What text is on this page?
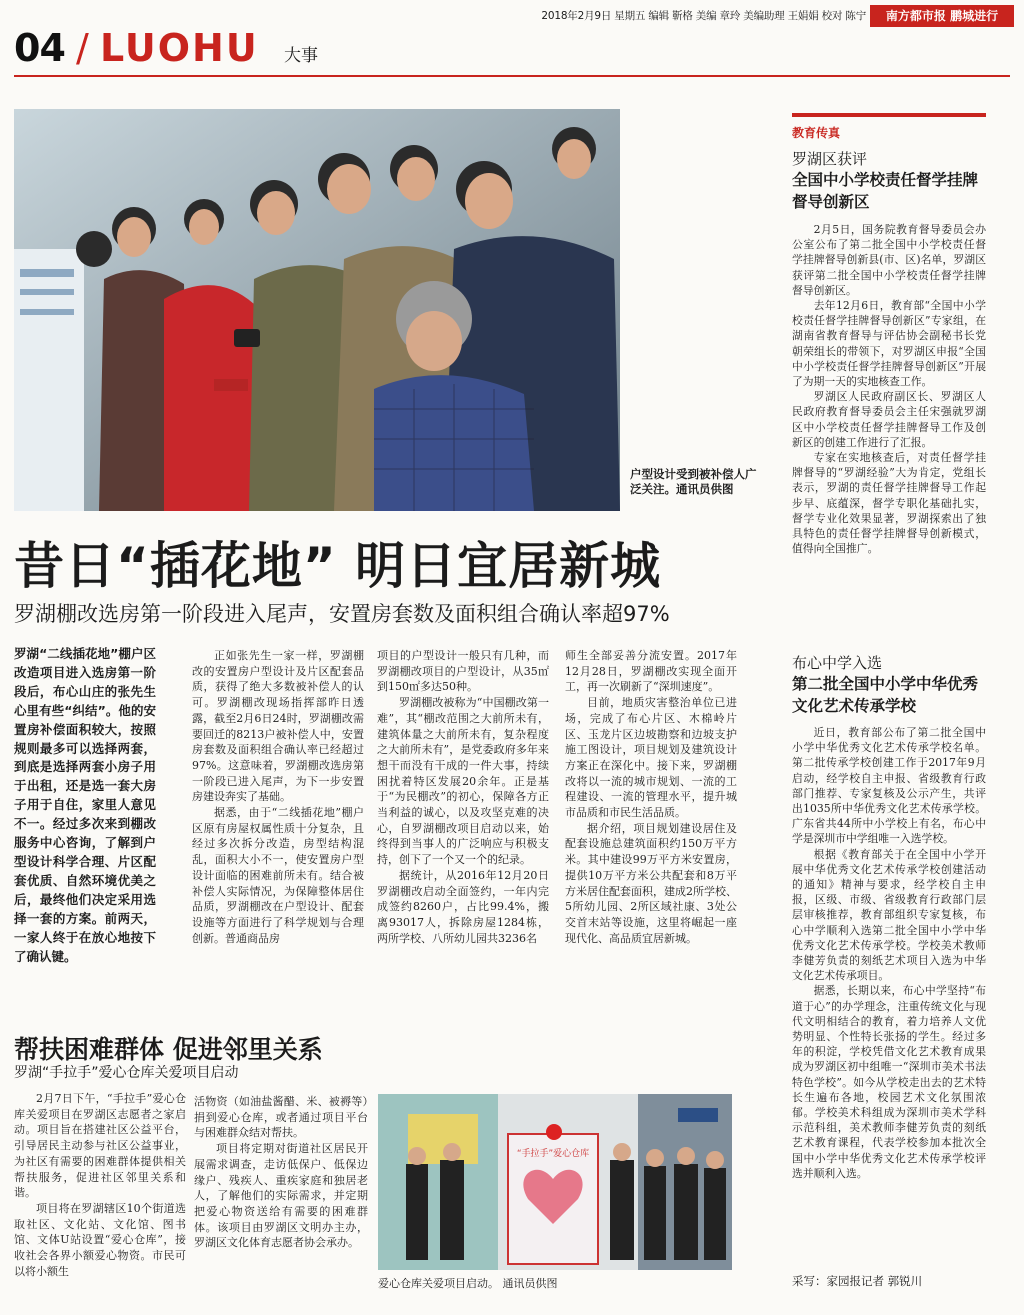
2018年2月9日 星期五 编辑 靳格 美编 章玲 美编助理 王娟娟 校对 陈宁	南方都市报 鹏城进行
04 / LUOHU 大事
户型设计受到被补偿人广泛关注。通讯员供图
昔日“插花地” 明日宜居新城
罗湖棚改选房第一阶段进入尾声，安置房套数及面积组合确认率超97%
罗湖“二线插花地”棚户区改造项目进入选房第一阶段后，布心山庄的张先生心里有些“纠结”。他的安置房补偿面积较大，按照规则最多可以选择两套，到底是选择两套小房子用于出租，还是选一套大房子用于自住，家里人意见不一。经过多次来到棚改服务中心咨询，了解到户型设计科学合理、片区配套优质、自然环境优美之后，最终他们决定采用选择一套的方案。前两天，一家人终于在放心地按下了确认键。

正如张先生一家一样，罗湖棚改的安置房户型设计及片区配套品质，获得了绝大多数被补偿人的认可。罗湖棚改现场指挥部昨日透露，截至2月6日24时，罗湖棚改需要回迁的8213户被补偿人中，安置房套数及面积组合确认率已经超过97%。这意味着，罗湖棚改选房第一阶段已进入尾声，为下一步安置房建设奔实了基础。

据悉，由于“二线插花地”棚户区原有房屋权属性质十分复杂，且经过多次拆分改造，房型结构混乱，面积大小不一，使安置房户型设计面临的困难前所未有。结合被补偿人实际情况，为保障整体居住品质，罗湖棚改在户型设计、配套设施等方面进行了科学规划与合理创新。普通商品房

项目的户型设计一般只有几种，而罗湖棚改项目的户型设计，从35㎡到150㎡多达50种。

罗湖棚改被称为“中国棚改第一难”，其“棚改范围之大前所未有，建筑体量之大前所未有，复杂程度之大前所未有”，是党委政府多年来想干而没有干成的一件大事，持续困扰着特区发展20余年。正是基于“为民棚改”的初心，保障各方正当利益的诚心，以及攻坚克难的决心，自罗湖棚改项目启动以来，始终得到当事人的广泛响应与积极支持，创下了一个又一个的纪录。

据统计，从2016年12月20日罗湖棚改启动全面签约，一年内完成签约8260户，占比99.4%，搬离93017人，拆除房屋1284栋，两所学校、八所幼儿园共3236名

师生全部妥善分流安置。2017年12月28日，罗湖棚改实现全面开工，再一次刷新了“深圳速度”。

目前，地质灾害整治单位已进场，完成了布心片区、木棉岭片区、玉龙片区边坡勘察和边坡支护施工图设计，项目规划及建筑设计方案正在深化中。接下来，罗湖棚改将以一流的城市规划、一流的工程建设、一流的管理水平，提升城市品质和市民生活品质。

据介绍，项目规划建设居住及配套设施总建筑面积约150万平方米。其中建设99万平方米安置房，提供10万平方米公共配套和8万平方米居住配套面积，建成2所学校、5所幼儿园、2所区域社康、3处公交首末站等设施，这里将崛起一座现代化、高品质宜居新城。

帮扶困难群体 促进邻里关系
罗湖“手拉手”爱心仓库关爱项目启动

2月7日下午，“手拉手”爱心仓库关爱项目在罗湖区志愿者之家启动。项目旨在搭建社区公益平台，引导居民主动参与社区公益事业，为社区有需要的困难群体提供相关帮扶服务，促进社区邻里关系和谐。

项目将在罗湖辖区10个街道选取社区、文化站、文化馆、图书馆、文体U站设置“爱心仓库”，接收社会各界小额爱心物资。市民可以将小额生

活物资（如油盐酱醋、米、被褥等）捐到爱心仓库，或者通过项目平台与困难群众结对帮扶。

项目将定期对街道社区居民开展需求调查，走访低保户、低保边缘户、残疾人、重疾家庭和独居老人，了解他们的实际需求，并定期把爱心物资送给有需要的困难群体。该项目由罗湖区文明办主办，罗湖区文化体育志愿者协会承办。

“手拉手”爱心仓库
爱心仓库关爱项目启动。 通讯员供图
教育传真
罗湖区获评
全国中小学校责任督学挂牌督导创新区

2月5日，国务院教育督导委员会办公室公布了第二批全国中小学校责任督学挂牌督导创新县(市、区)名单，罗湖区获评第二批全国中小学校责任督学挂牌督导创新区。

去年12月6日，教育部“全国中小学校责任督学挂牌督导创新区”专家组，在湖南省教育督导与评估协会副秘书长党朝荣组长的带领下，对罗湖区申报“全国中小学校责任督学挂牌督导创新区”开展了为期一天的实地核查工作。

罗湖区人民政府副区长、罗湖区人民政府教育督导委员会主任宋强就罗湖区中小学校责任督学挂牌督导工作及创新区的创建工作进行了汇报。

专家在实地核查后，对责任督学挂牌督导的“罗湖经验”大为肯定，党组长表示，罗湖的责任督学挂牌督导工作起步早、底蕴深，督学专职化基础扎实，督学专业化效果显著，罗湖探索出了独具特色的责任督学挂牌督导创新模式，值得向全国推广。

布心中学入选
第二批全国中小学中华优秀文化艺术传承学校

近日，教育部公布了第二批全国中小学中华优秀文化艺术传承学校名单。第二批传承学校创建工作于2017年9月启动，经学校自主申报、省级教育行政部门推荐、专家复核及公示产生，共评出1035所中华优秀文化艺术传承学校。广东省共44所中小学校上有名，布心中学是深圳市中学组唯一入选学校。

根据《教育部关于在全国中小学开展中华优秀文化艺术传承学校创建活动的通知》精神与要求，经学校自主申报，区级、市级、省级教育行政部门层层审核推荐，教育部组织专家复核，布心中学顺利入选第二批全国中小学中华优秀文化艺术传承学校。学校美术教师李健芳负责的刻纸艺术项目入选为中华文化艺术传承项目。

据悉，长期以来，布心中学坚持“布道于心”的办学理念，注重传统文化与现代文明相结合的教育，着力培养人文优势明显、个性特长张扬的学生。经过多年的积淀，学校凭借文化艺术教育成果成为罗湖区初中组唯一“深圳市美术书法特色学校”。如今从学校走出去的艺术特长生遍布各地，校园艺术文化氛围浓郁。学校美术科组成为深圳市美术学科示范科组，美术教师李健芳负责的刻纸艺术教育课程，代表学校参加本批次全国中小学中华优秀文化艺术传承学校评选并顺利入选。

采写：家园报记者 郭锐川
